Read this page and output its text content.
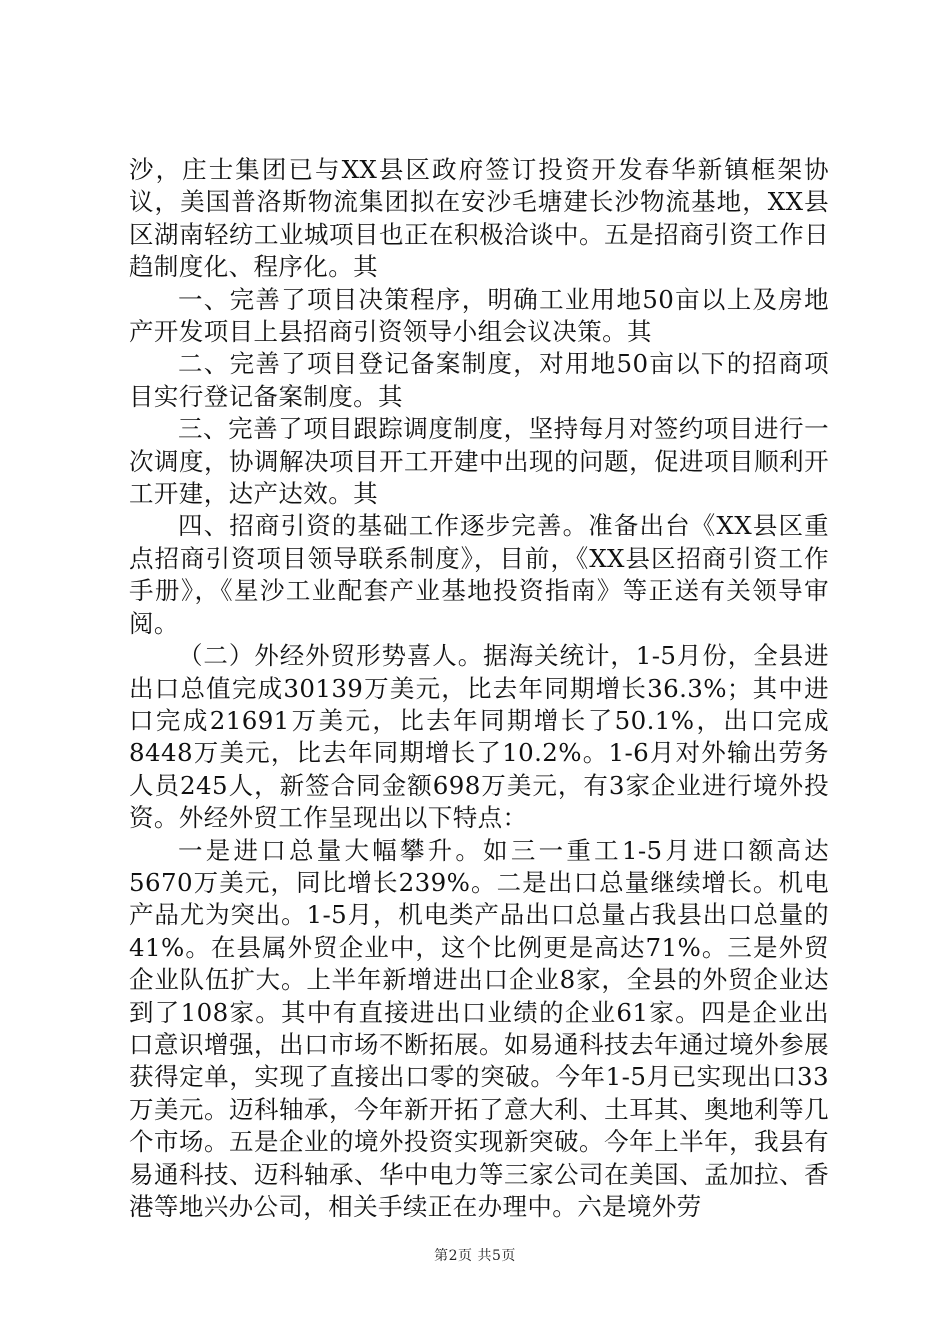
沙，庄士集团已与XX县区政府签订投资开发春华新镇框架协议，美国普洛斯物流集团拟在安沙毛塘建长沙物流基地，XX县区湖南轻纺工业城项目也正在积极洽谈中。五是招商引资工作日趋制度化、程序化。其

一、完善了项目决策程序，明确工业用地50亩以上及房地产开发项目上县招商引资领导小组会议决策。其

二、完善了项目登记备案制度，对用地50亩以下的招商项目实行登记备案制度。其

三、完善了项目跟踪调度制度，坚持每月对签约项目进行一次调度，协调解决项目开工开建中出现的问题，促进项目顺利开工开建，达产达效。其

四、招商引资的基础工作逐步完善。准备出台《XX县区重点招商引资项目领导联系制度》，目前，《XX县区招商引资工作手册》，《星沙工业配套产业基地投资指南》等正送有关领导审阅。

（二）外经外贸形势喜人。据海关统计，1-5月份，全县进出口总值完成30139万美元，比去年同期增长36.3%；其中进口完成21691万美元，比去年同期增长了50.1%，出口完成8448万美元，比去年同期增长了10.2%。1-6月对外输出劳务人员245人，新签合同金额698万美元，有3家企业进行境外投资。外经外贸工作呈现出以下特点：

一是进口总量大幅攀升。如三一重工1-5月进口额高达5670万美元，同比增长239%。二是出口总量继续增长。机电产品尤为突出。1-5月，机电类产品出口总量占我县出口总量的41%。在县属外贸企业中，这个比例更是高达71%。三是外贸企业队伍扩大。上半年新增进出口企业8家，全县的外贸企业达到了108家。其中有直接进出口业绩的企业61家。四是企业出口意识增强，出口市场不断拓展。如易通科技去年通过境外参展获得定单，实现了直接出口零的突破。今年1-5月已实现出口33万美元。迈科轴承，今年新开拓了意大利、土耳其、奥地利等几个市场。五是企业的境外投资实现新突破。今年上半年，我县有易通科技、迈科轴承、华中电力等三家公司在美国、孟加拉、香港等地兴办公司，相关手续正在办理中。六是境外劳

第2页 共5页
